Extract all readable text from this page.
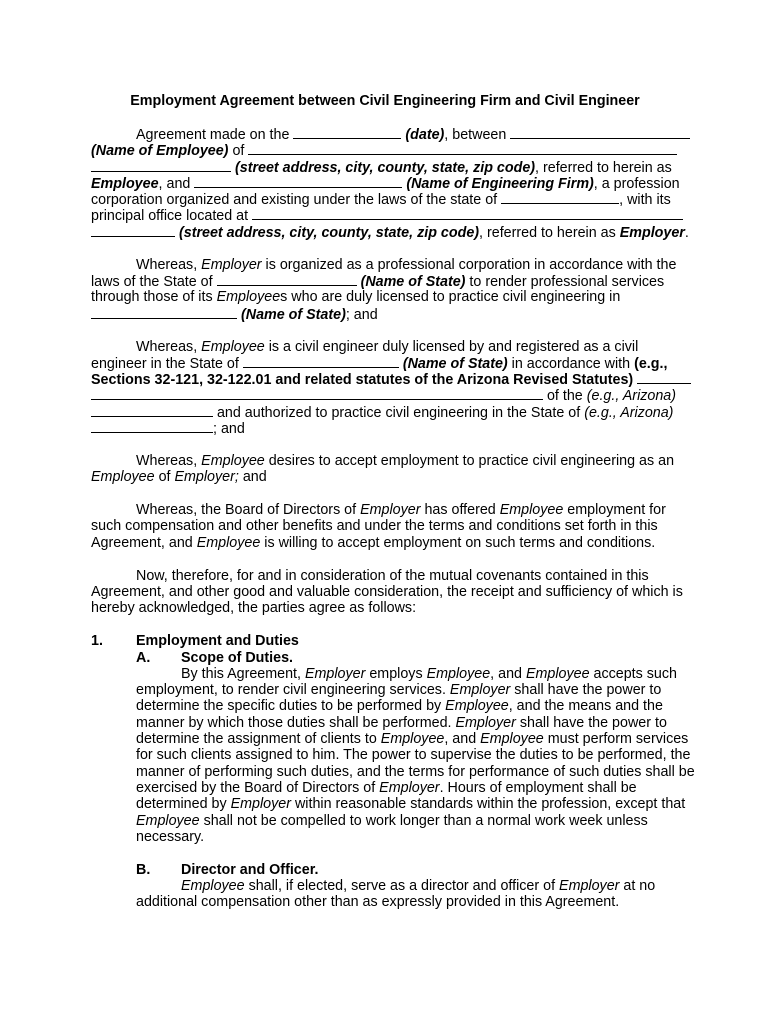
Employment Agreement between Civil Engineering Firm and Civil Engineer
Agreement made on the	(date), between
(Name of Employee) of
(street address, city, county, state, zip code), referred to herein as
Employee, and	(Name of Engineering Firm), a profession
corporation organized and existing under the laws of the state of	, with its
principal office located at
(street address, city, county, state, zip code), referred to herein as Employer.
Whereas, Employer is organized as a professional corporation in accordance with the
laws of the State of	(Name of State) to render professional services
through those of its Employees who are duly licensed to practice civil engineering in
(Name of State); and
Whereas, Employee is a civil engineer duly licensed by and registered as a civil
engineer in the State of	(Name of State) in accordance with (e.g.,
Sections 32-121, 32-122.01 and related statutes of the Arizona Revised Statutes)
of the (e.g., Arizona)
and authorized to practice civil engineering in the State of (e.g., Arizona)
; and
Whereas, Employee desires to accept employment to practice civil engineering as an
Employee of Employer; and
Whereas, the Board of Directors of Employer has offered Employee employment for
such compensation and other benefits and under the terms and conditions set forth in this
Agreement, and Employee is willing to accept employment on such terms and conditions.
Now, therefore, for and in consideration of the mutual covenants contained in this
Agreement, and other good and valuable consideration, the receipt and sufficiency of which is
hereby acknowledged, the parties agree as follows:
1. Employment and Duties
A. Scope of Duties.
By this Agreement, Employer employs Employee, and Employee accepts such
employment, to render civil engineering services. Employer shall have the power to
determine the specific duties to be performed by Employee, and the means and the
manner by which those duties shall be performed. Employer shall have the power to
determine the assignment of clients to Employee, and Employee must perform services
for such clients assigned to him. The power to supervise the duties to be performed, the
manner of performing such duties, and the terms for performance of such duties shall be
exercised by the Board of Directors of Employer. Hours of employment shall be
determined by Employer within reasonable standards within the profession, except that
Employee shall not be compelled to work longer than a normal work week unless
necessary.
B. Director and Officer.
Employee shall, if elected, serve as a director and officer of Employer at no
additional compensation other than as expressly provided in this Agreement.
